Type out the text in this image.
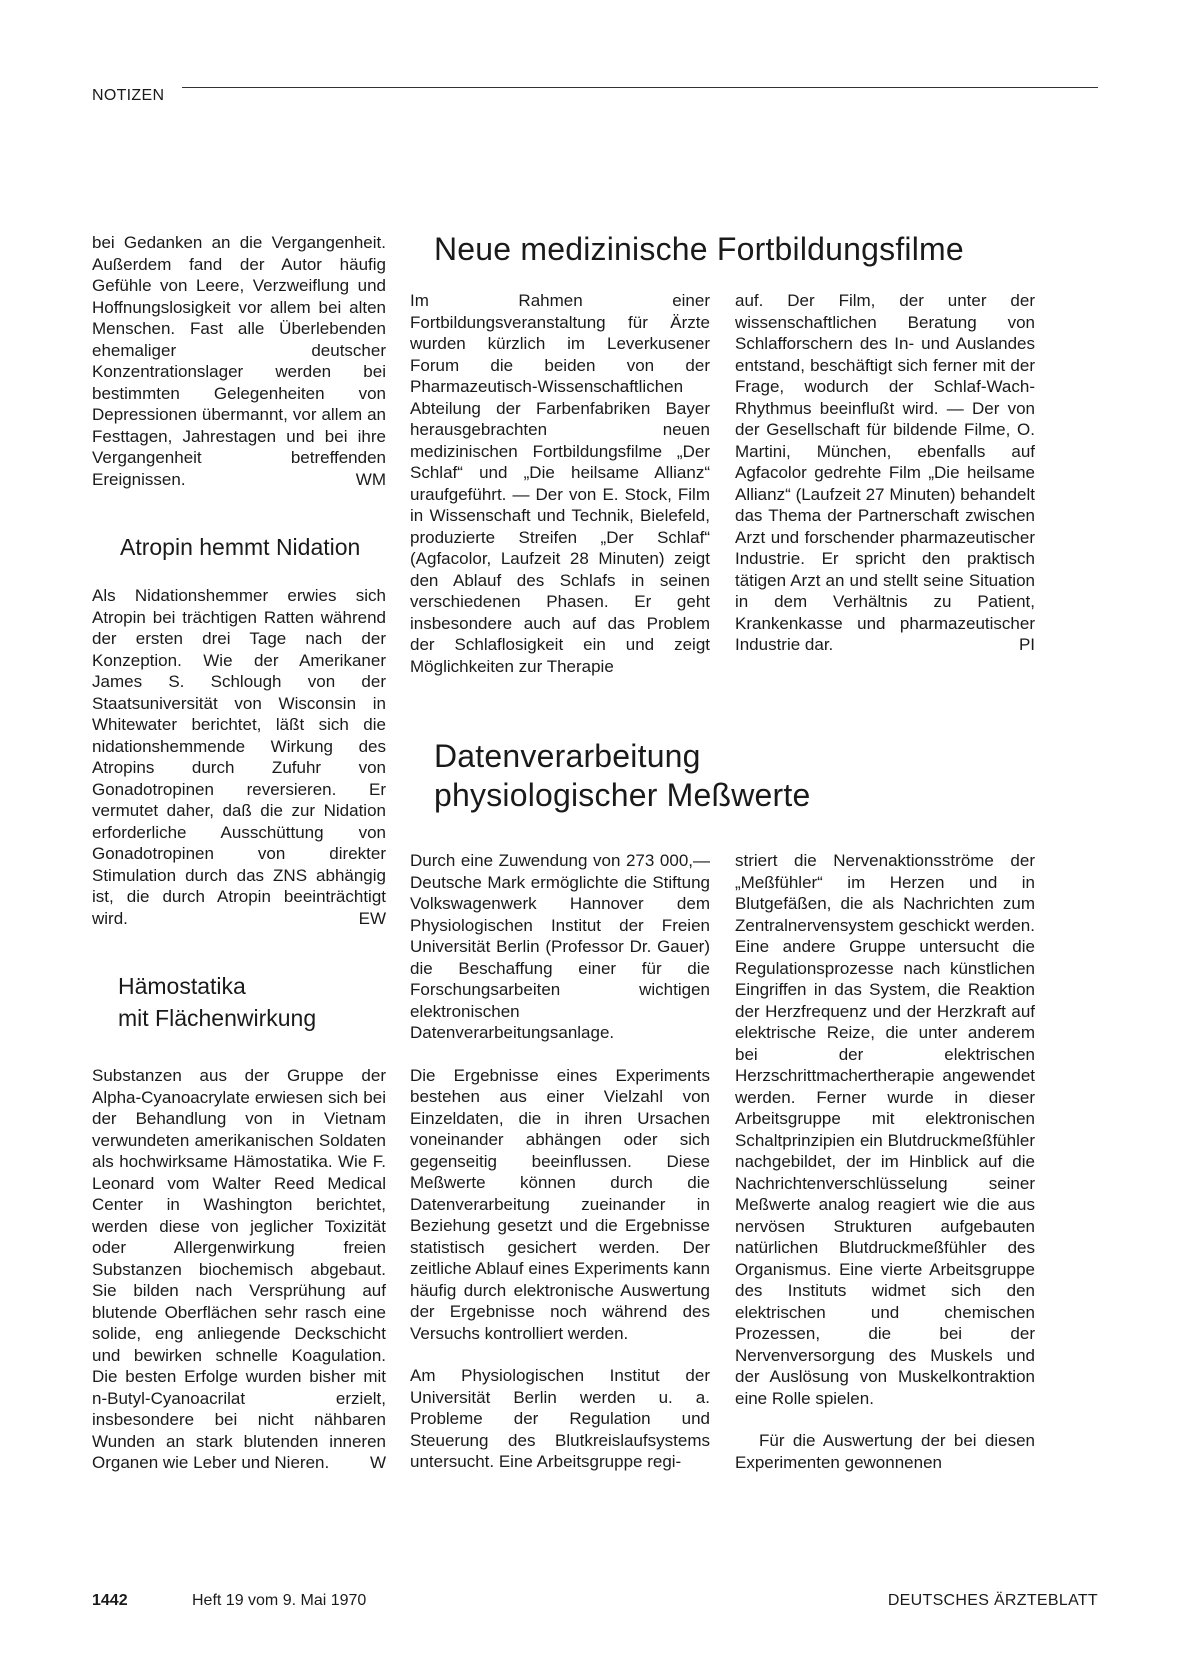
NOTIZEN

bei Gedanken an die Vergangenheit. Außerdem fand der Autor häufig Gefühle von Leere, Verzweiflung und Hoffnungslosigkeit vor allem bei alten Menschen. Fast alle Überlebenden ehemaliger deutscher Konzentrationslager werden bei bestimmten Gelegenheiten von Depressionen übermannt, vor allem an Festtagen, Jahrestagen und bei ihre Vergangenheit betreffenden Ereignissen.	WM

Atropin hemmt Nidation

Als Nidationshemmer erwies sich Atropin bei trächtigen Ratten während der ersten drei Tage nach der Konzeption. Wie der Amerikaner James S. Schlough von der Staatsuniversität von Wisconsin in Whitewater berichtet, läßt sich die nidationshemmende Wirkung des Atropins durch Zufuhr von Gonadotropinen reversieren. Er vermutet daher, daß die zur Nidation erforderliche Ausschüttung von Gonadotropinen von direkter Stimulation durch das ZNS abhängig ist, die durch Atropin beeinträchtigt wird.	EW

Hämostatika
mit Flächenwirkung

Substanzen aus der Gruppe der Alpha-Cyanoacrylate erwiesen sich bei der Behandlung von in Vietnam verwundeten amerikanischen Soldaten als hochwirksame Hämostatika. Wie F. Leonard vom Walter Reed Medical Center in Washington berichtet, werden diese von jeglicher Toxizität oder Allergenwirkung freien Substanzen biochemisch abgebaut. Sie bilden nach Versprühung auf blutende Oberflächen sehr rasch eine solide, eng anliegende Deckschicht und bewirken schnelle Koagulation. Die besten Erfolge wurden bisher mit n-Butyl-Cyanoacrilat erzielt, insbesondere bei nicht nähbaren Wunden an stark blutenden inneren Organen wie Leber und Nieren. W

Neue medizinische Fortbildungsfilme

Im Rahmen einer Fortbildungsveranstaltung für Ärzte wurden kürzlich im Leverkusener Forum die beiden von der Pharmazeutisch-Wissenschaftlichen Abteilung der Farbenfabriken Bayer herausgebrachten neuen medizinischen Fortbildungsfilme „Der Schlaf“ und „Die heilsame Allianz“ uraufgeführt. — Der von E. Stock, Film in Wissenschaft und Technik, Bielefeld, produzierte Streifen „Der Schlaf“ (Agfacolor, Laufzeit 28 Minuten) zeigt den Ablauf des Schlafs in seinen verschiedenen Phasen. Er geht insbesondere auch auf das Problem der Schlaflosigkeit ein und zeigt Möglichkeiten zur Therapie

auf. Der Film, der unter der wissenschaftlichen Beratung von Schlafforschern des In- und Auslandes entstand, beschäftigt sich ferner mit der Frage, wodurch der Schlaf-Wach-Rhythmus beeinflußt wird. — Der von der Gesellschaft für bildende Filme, O. Martini, München, ebenfalls auf Agfacolor gedrehte Film „Die heilsame Allianz“ (Laufzeit 27 Minuten) behandelt das Thema der Partnerschaft zwischen Arzt und forschender pharmazeutischer Industrie. Er spricht den praktisch tätigen Arzt an und stellt seine Situation in dem Verhältnis zu Patient, Krankenkasse und pharmazeutischer Industrie dar.	PI

Datenverarbeitung
physiologischer Meßwerte

Durch eine Zuwendung von 273 000,— Deutsche Mark ermöglichte die Stiftung Volkswagenwerk Hannover dem Physiologischen Institut der Freien Universität Berlin (Professor Dr. Gauer) die Beschaffung einer für die Forschungsarbeiten wichtigen elektronischen Datenverarbeitungsanlage.

Die Ergebnisse eines Experiments bestehen aus einer Vielzahl von Einzeldaten, die in ihren Ursachen voneinander abhängen oder sich gegenseitig beeinflussen. Diese Meßwerte können durch die Datenverarbeitung zueinander in Beziehung gesetzt und die Ergebnisse statistisch gesichert werden. Der zeitliche Ablauf eines Experiments kann häufig durch elektronische Auswertung der Ergebnisse noch während des Versuchs kontrolliert werden.

Am Physiologischen Institut der Universität Berlin werden u. a. Probleme der Regulation und Steuerung des Blutkreislaufsystems untersucht. Eine Arbeitsgruppe regi-

striert die Nervenaktionsströme der „Meßfühler“ im Herzen und in Blutgefäßen, die als Nachrichten zum Zentralnervensystem geschickt werden. Eine andere Gruppe untersucht die Regulationsprozesse nach künstlichen Eingriffen in das System, die Reaktion der Herzfrequenz und der Herzkraft auf elektrische Reize, die unter anderem bei der elektrischen Herzschrittmachertherapie angewendet werden. Ferner wurde in dieser Arbeitsgruppe mit elektronischen Schaltprinzipien ein Blutdruckmeßfühler nachgebildet, der im Hinblick auf die Nachrichtenverschlüsselung seiner Meßwerte analog reagiert wie die aus nervösen Strukturen aufgebauten natürlichen Blutdruckmeßfühler des Organismus. Eine vierte Arbeitsgruppe des Instituts widmet sich den elektrischen und chemischen Prozessen, die bei der Nervenversorgung des Muskels und der Auslösung von Muskelkontraktion eine Rolle spielen.

Für die Auswertung der bei diesen Experimenten gewonnenen

1442	Heft 19 vom 9. Mai 1970	DEUTSCHES ÄRZTEBLATT
